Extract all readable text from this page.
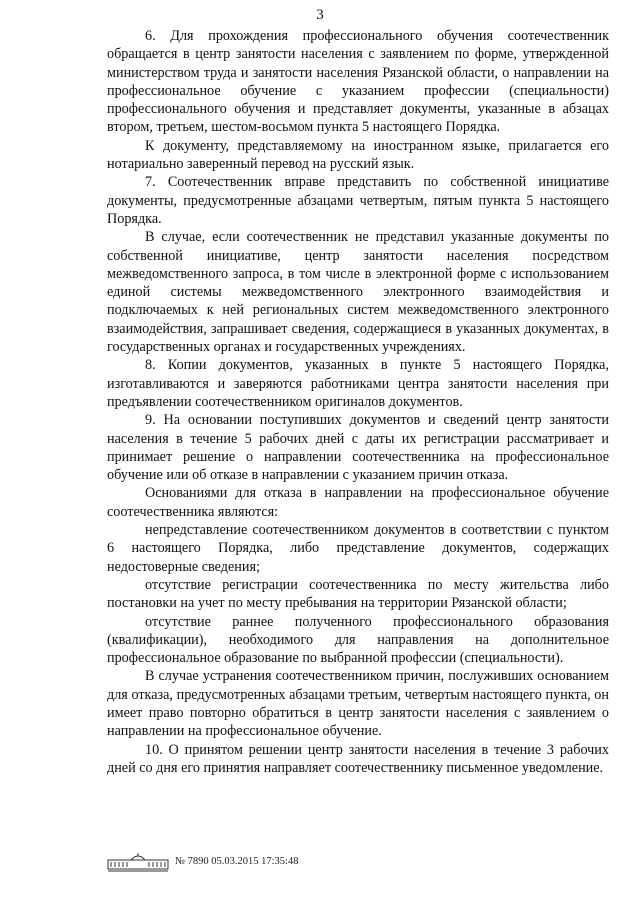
3

6. Для прохождения профессионального обучения соотечественник обращается в центр занятости населения с заявлением по форме, утвержденной министерством труда и занятости населения Рязанской области, о направлении на профессиональное обучение с указанием профессии (специальности) профессионального обучения и представляет документы, указанные в абзацах втором, третьем, шестом-восьмом пункта 5 настоящего Порядка.

К документу, представляемому на иностранном языке, прилагается его нотариально заверенный перевод на русский язык.

7. Соотечественник вправе представить по собственной инициативе документы, предусмотренные абзацами четвертым, пятым пункта 5 настоящего Порядка.

В случае, если соотечественник не представил указанные документы по собственной инициативе, центр занятости населения посредством межведомственного запроса, в том числе в электронной форме с использованием единой системы межведомственного электронного взаимодействия и подключаемых к ней региональных систем межведомственного электронного взаимодействия, запрашивает сведения, содержащиеся в указанных документах, в государственных органах и государственных учреждениях.

8. Копии документов, указанных в пункте 5 настоящего Порядка, изготавливаются и заверяются работниками центра занятости населения при предъявлении соотечественником оригиналов документов.

9. На основании поступивших документов и сведений центр занятости населения в течение 5 рабочих дней с даты их регистрации рассматривает и принимает решение о направлении соотечественника на профессиональное обучение или об отказе в направлении с указанием причин отказа.

Основаниями для отказа в направлении на профессиональное обучение соотечественника являются:

непредставление соотечественником документов в соответствии с пунктом 6 настоящего Порядка, либо представление документов, содержащих недостоверные сведения;

отсутствие регистрации соотечественника по месту жительства либо постановки на учет по месту пребывания на территории Рязанской области;

отсутствие раннее полученного профессионального образования (квалификации), необходимого для направления на дополнительное профессиональное образование по выбранной профессии (специальности).

В случае устранения соотечественником причин, послуживших основанием для отказа, предусмотренных абзацами третьим, четвертым настоящего пункта, он имеет право повторно обратиться в центр занятости населения с заявлением о направлении на профессиональное обучение.

10. О принятом решении центр занятости населения в течение 3 рабочих дней со дня его принятия направляет соотечественнику письменное уведомление.

№ 7890 05.03.2015 17:35:48
